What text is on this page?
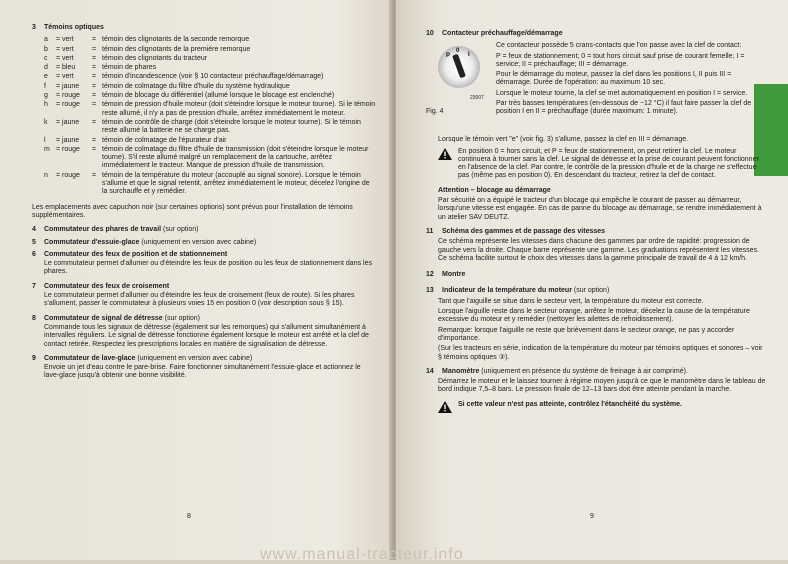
3 Témoins optiques
a	= vert	=	témoin des clignotants de la seconde remorque
b	= vert	=	témoin des clignotants de la première remorque
c	= vert	=	témoin des clignotants du tracteur
d	= bleu	=	témoin de phares
e	= vert	=	témoin d'incandescence (voir § 10 contacteur préchauffage/démarrage)
f	= jaune	=	témoin de colmatage du filtre d'huile du système hydraulique
g	= rouge	=	témoin de blocage du différentiel (allumé lorsque le blocage est enclenché)
h	= rouge	=	témoin de pression d'huile moteur (doit s'éteindre lorsque le moteur tourne). Si le témoin reste allumé, il n'y a pas de pression d'huile, arrêtez immédiatement le moteur.
k	= jaune	=	témoin de contrôle de charge (doit s'éteindre lorsque le moteur tourne). Si le témoin reste allumé la batterie ne se charge pas.
l	= jaune	=	témoin de colmatage de l'épurateur d'air
m	= rouge	=	témoin de colmatage du filtre d'huile de transmission (doit s'éteindre lorsque le moteur tourne). S'il reste allumé malgré un remplacement de la cartouche, arrêtez immédiatement le tracteur. Manque de pression d'huile de transmission.
n	= rouge	=	témoin de la température du moteur (accouplé au signal sonore). Lorsque le témoin s'allume et que le signal retentit, arrêtez immédiatement le moteur, décelez l'origine de la surchauffe et y remédier.

Les emplacements avec capuchon noir (sur certaines options) sont prévus pour l'installation de témoins supplémentaires.

4 Commutateur des phares de travail (sur option)
5 Commutateur d'essuie-glace (uniquement en version avec cabine)
6 Commutateur des feux de position et de stationnement

Le commutateur permet d'allumer ou d'éteindre les feux de position ou les feux de stationnement dans les phares.

7 Commutateur des feux de croisement

Le commutateur permet d'allumer ou d'éteindre les feux de croisement (feux de route). Si les phares s'allument, passer le commutateur à plusieurs voies 15 en position 0 (voir description sous § 15).

8 Commutateur de signal de détresse (sur option)

Commande tous les signaux de détresse (également sur les remorques) qui s'allument simultanément à intervalles réguliers. Le signal de détresse fonctionne également lorsque le moteur est arrêté et la clef de contact retirée. Respectez les prescriptions locales en matière de signalisation de détresse.

9 Commutateur de lave-glace (uniquement en version avec cabine)

Envoie un jet d'eau contre le pare-brise. Faire fonctionner simultanément l'essuie-glace et actionnez le lave-glace jusqu'à obtenir une bonne visibilité.

8
10 Contacteur préchauffage/démarrage
P
0
I
23007
Fig. 4

Ce contacteur possède 5 crans-contacts que l'on passe avec la clef de contact:

P = feux de stationnement; 0 = tout hors circuit sauf prise de courant femelle; I = service; II = préchauffage; III = démarrage.

Pour le démarrage du moteur, passez la clef dans les positions I, II puis III = démarrage. Durée de l'opération: au maximum 10 sec.

Lorsque le moteur tourne, la clef se met automatiquement en position I = service.

Par très basses températures (en-dessous de −12 °C) il faut faire passer la clef de position I en II = préchauffage (durée maximum: 1 minute).

Lorsque le témoin vert "e" (voir fig. 3) s'allume, passez la clef en III = démarrage.

En position 0 = hors circuit, et P = feux de stationnement, on peut retirer la clef. Le moteur continuera à tourner sans la clef. Le signal de détresse et la prise de courant peuvent fonctionner en l'absence de la clef. Par contre, le contrôle de la pression d'huile et de la charge ne s'effectue pas (même pas en position 0). En descendant du tracteur, retirez la clef de contact.
Attention – blocage au démarrage

Par sécurité on a équipé le tracteur d'un blocage qui empêche le courant de passer au démarreur, lorsqu'une vitesse est engagée. En cas de panne du blocage au démarrage, se rendre immédiatement à un atelier SAV DEUTZ.

11 Schéma des gammes et de passage des vitesses

Ce schéma représente les vitesses dans chacune des gammes par ordre de rapidité: progression de gauche vers la droite. Chaque barre représente une gamme. Les graduations représentent les vitesses. Ce schéma facilite surtout le choix des vitesses dans la gamme principale de travail de 4 à 12 km/h.

12 Montre
13 Indicateur de la température du moteur (sur option)

Tant que l'aiguille se situe dans le secteur vert, la température du moteur est correcte.

Lorsque l'aiguille reste dans le secteur orange, arrêtez le moteur, décelez la cause de la température excessive du moteur et y remédier (nettoyer les ailettes de refroidissement).

Remarque: lorsque l'aiguille ne reste que brièvement dans le secteur orange, ne pas y accorder d'importance.

(Sur les tracteurs en série, indication de la température du moteur par témoins optiques et sonores – voir § témoins optiques ③).

14 Manomètre (uniquement en présence du système de freinage à air comprimé).

Démarrez le moteur et le laissez tourner à régime moyen jusqu'à ce que le manomètre dans le tableau de bord indique 7,5–8 bars. Le pression finale de 12–13 bars doit être atteinte pendant la marche.

Si cette valeur n'est pas atteinte, contrôlez l'étanchéité du système.
9
www.manual-tracteur.info
